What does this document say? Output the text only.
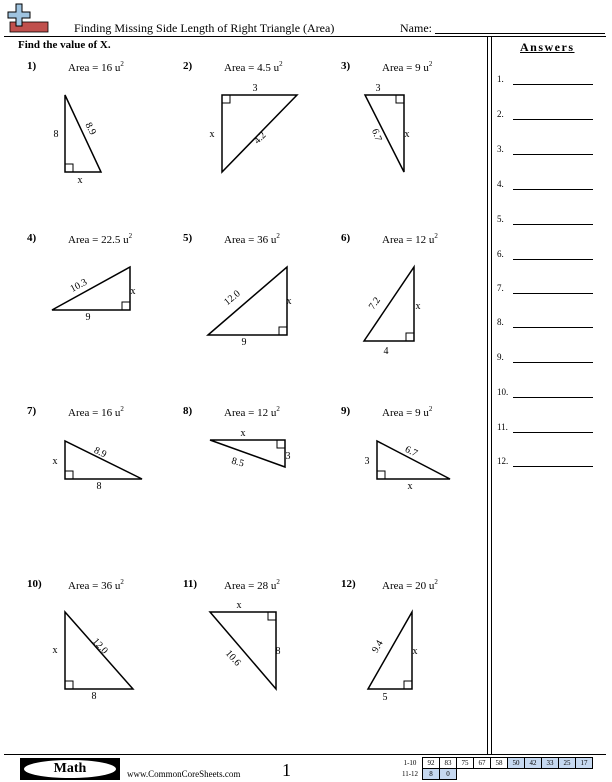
Finding Missing Side Length of Right Triangle (Area)	Name:
Find the value of X.	Answers
1.
2.
3.
4.
5.
6.
7.
8.
9.
10.
11.
12.
1)	Area = 16 $u^2$	2)	Area = 4.5 $u^2$	3)	Area = 9 $u^2$
4)	Area = 22.5 $u^2$	5)	Area = 36 $u^2$	6)	Area = 12 $u^2$
7)	Area = 16 $u^2$	8)	Area = 12 $u^2$	9)	Area = 9 $u^2$
10) Area = 36 $u^2$	11) Area = 28 $u^2$	12) Area = 20 $u^2$
8 8.9
x
3
x	4.2
3
6.7 x
10.3	x
9
12.0	x
9
7.2	x
4
x
8.9
8
x
8.5	3	3
6.7
x
x	12.0
8
x
10.6	8	9.4	x
5
Math	www.CommonCoreSheets.com 1	1-10	92	83	75	67	58	50	42	33	25	17
11-12	8	0								
